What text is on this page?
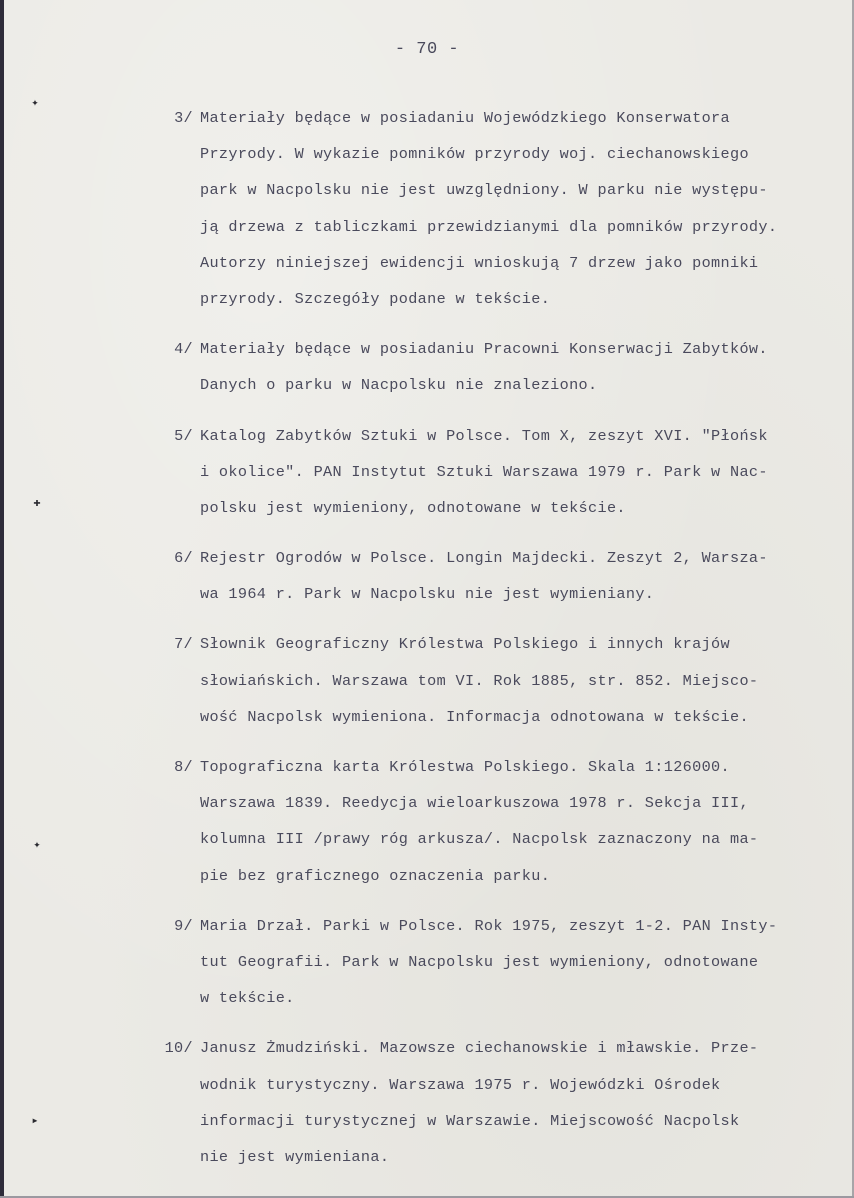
- 70 -
✦
✚
✦
▸
3/ Materiały będące w posiadaniu Wojewódzkiego Konserwatora
Przyrody. W wykazie pomników przyrody woj. ciechanowskiego
park w Nacpolsku nie jest uwzględniony. W parku nie występu-
ją drzewa z tabliczkami przewidzianymi dla pomników przyrody.
Autorzy niniejszej ewidencji wnioskują 7 drzew jako pomniki
przyrody. Szczegóły podane w tekście.
4/ Materiały będące w posiadaniu Pracowni Konserwacji Zabytków.
Danych o parku w Nacpolsku nie znaleziono.
5/ Katalog Zabytków Sztuki w Polsce. Tom X, zeszyt XVI. "Płońsk
i okolice". PAN Instytut Sztuki Warszawa 1979 r. Park w Nac-
polsku jest wymieniony, odnotowane w tekście.
6/ Rejestr Ogrodów w Polsce. Longin Majdecki. Zeszyt 2, Warsza-
wa 1964 r. Park w Nacpolsku nie jest wymieniany.
7/ Słownik Geograficzny Królestwa Polskiego i innych krajów
słowiańskich. Warszawa tom VI. Rok 1885, str. 852. Miejsco-
wość Nacpolsk wymieniona. Informacja odnotowana w tekście.
8/ Topograficzna karta Królestwa Polskiego. Skala 1:126000.
Warszawa 1839. Reedycja wieloarkuszowa 1978 r. Sekcja III,
kolumna III /prawy róg arkusza/. Nacpolsk zaznaczony na ma-
pie bez graficznego oznaczenia parku.
9/ Maria Drzał. Parki w Polsce. Rok 1975, zeszyt 1-2. PAN Insty-
tut Geografii. Park w Nacpolsku jest wymieniony, odnotowane
w tekście.
10/ Janusz Żmudziński. Mazowsze ciechanowskie i mławskie. Prze-
wodnik turystyczny. Warszawa 1975 r. Wojewódzki Ośrodek
informacji turystycznej w Warszawie. Miejscowość Nacpolsk
nie jest wymieniana.
